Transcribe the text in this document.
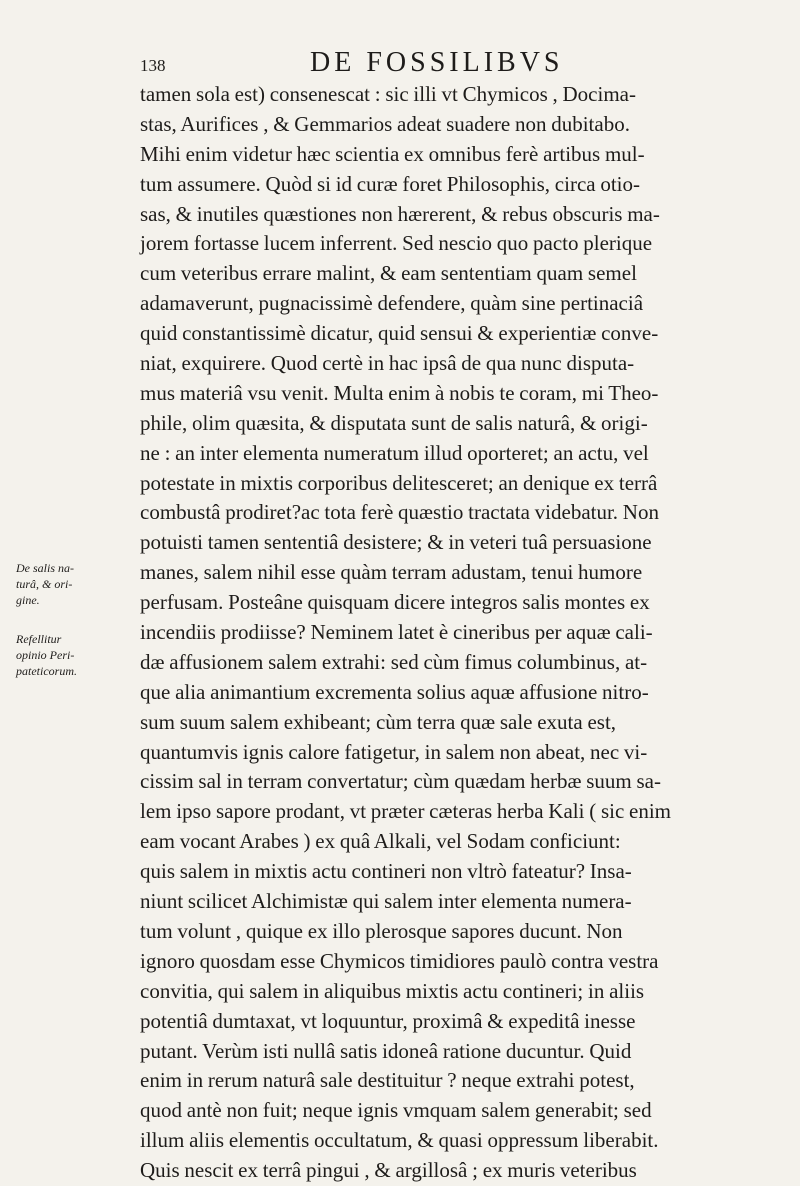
138	DE FOSSILIBVS
tamen sola est) consenescat : sic illi vt Chymicos , Docima-
stas, Aurifices , & Gemmarios adeat suadere non dubitabo.
Mihi enim videtur hæc scientia ex omnibus ferè artibus mul-
tum assumere. Quòd si id curæ foret Philosophis, circa otio-
sas, & inutiles quæstiones non hærerent, & rebus obscuris ma-
jorem fortasse lucem inferrent. Sed nescio quo pacto plerique
cum veteribus errare malint, & eam sententiam quam semel
adamaverunt, pugnacissimè defendere, quàm sine pertinaciâ
quid constantissimè dicatur, quid sensui & experientiæ conve-
niat, exquirere. Quod certè in hac ipsâ de qua nunc disputa-
mus materiâ vsu venit. Multa enim à nobis te coram, mi Theo-
phile, olim quæsita, & disputata sunt de salis naturâ, & origi-
ne : an inter elementa numeratum illud oporteret; an actu, vel
potestate in mixtis corporibus delitesceret; an denique ex terrâ
combustâ prodiret?ac tota ferè quæstio tractata videbatur. Non
potuisti tamen sententiâ desistere; & in veteri tuâ persuasione
manes, salem nihil esse quàm terram adustam, tenui humore
perfusam. Posteâne quisquam dicere integros salis montes ex
incendiis prodiisse? Neminem latet è cineribus per aquæ cali-
dæ affusionem salem extrahi: sed cùm fimus columbinus, at-
que alia animantium excrementa solius aquæ affusione nitro-
sum suum salem exhibeant; cùm terra quæ sale exuta est,
quantumvis ignis calore fatigetur, in salem non abeat, nec vi-
cissim sal in terram convertatur; cùm quædam herbæ suum sa-
lem ipso sapore prodant, vt præter cæteras herba Kali ( sic enim
eam vocant Arabes ) ex quâ Alkali, vel Sodam conficiunt:
quis salem in mixtis actu contineri non vltrò fateatur? Insa-
niunt scilicet Alchimistæ qui salem inter elementa numera-
tum volunt , quique ex illo plerosque sapores ducunt. Non
ignoro quosdam esse Chymicos timidiores paulò contra vestra
convitia, qui salem in aliquibus mixtis actu contineri; in aliis
potentiâ dumtaxat, vt loquuntur, proximâ & expeditâ inesse
putant. Verùm isti nullâ satis idoneâ ratione ducuntur. Quid
enim in rerum naturâ sale destituitur ? neque extrahi potest,
quod antè non fuit; neque ignis vmquam salem generabit; sed
illum aliis elementis occultatum, & quasi oppressum liberabit.
Quis nescit ex terrâ pingui , & argillosâ ; ex muris veteribus
De salis na-
turâ, & ori-
gine.
Refellitur
opinio Peri-
pateticorum.
